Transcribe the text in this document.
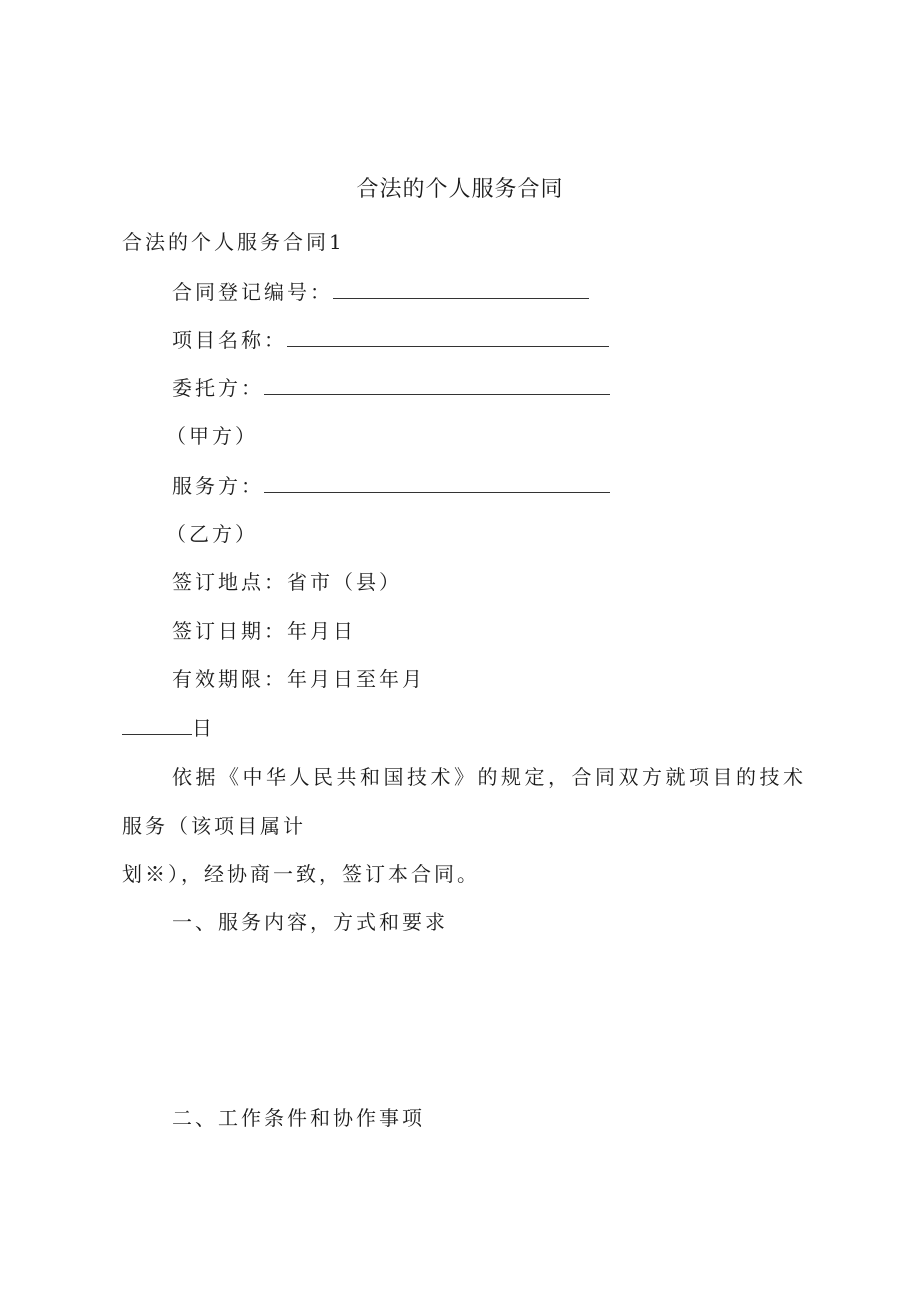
合法的个人服务合同
合法的个人服务合同1
合同登记编号：
项目名称：
委托方：
（甲方）
服务方：
（乙方）
签订地点：省市（县）
签订日期：年月日
有效期限：年月日至年月
日
依据《中华人民共和国技术》的规定，合同双方就项目的技术
服务（该项目属计
划※），经协商一致，签订本合同。
一、服务内容，方式和要求
二、工作条件和协作事项
